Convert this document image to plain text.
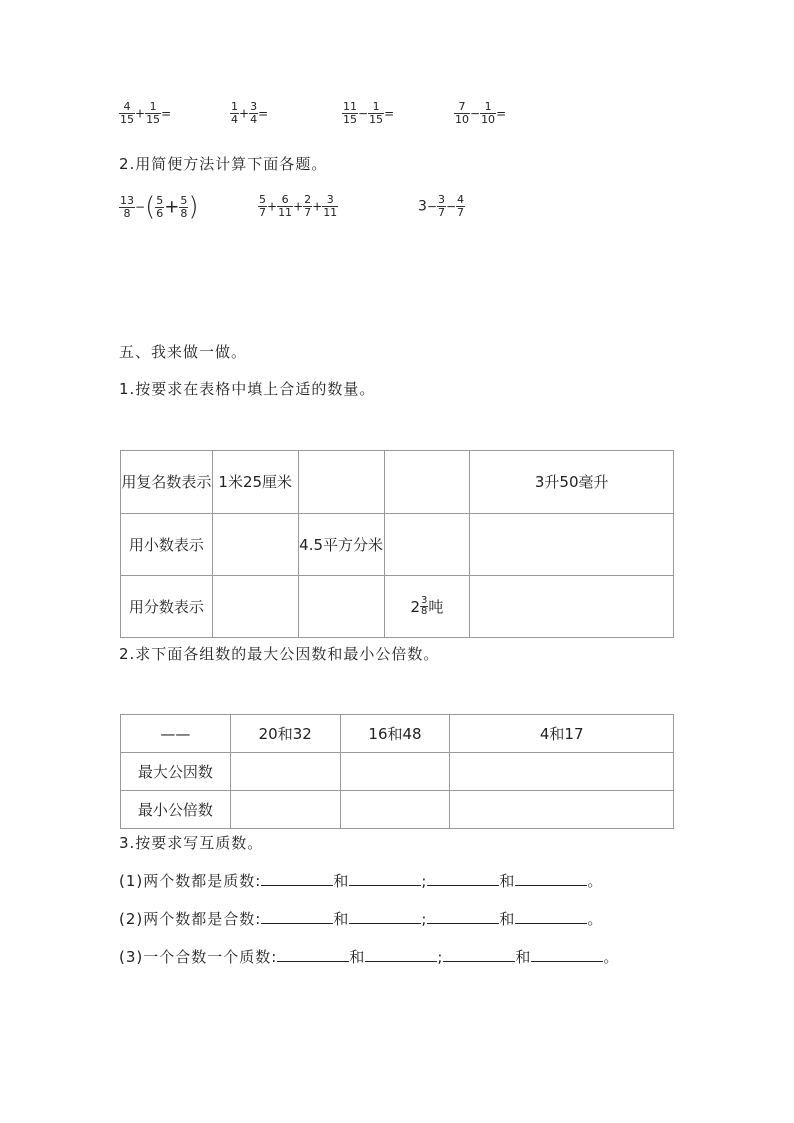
$\frac{4}{15} + \frac{1}{15}$ =	$\frac{1}{4} + \frac{3}{4}$ =	$\frac{11}{15} - \frac{1}{15}$ =	$\frac{7}{10} - \frac{1}{10}$ =
2.用简便方法计算下面各题。
$\frac{13}{8}$ −( $\frac{5}{6} + \frac{5}{8}$ )	$\frac{5}{7} + \frac{6}{11} + \frac{2}{7} + \frac{3}{11}$	$3- \frac{3}{7} - \frac{4}{7}$
五、我来做一做。
1.按要求在表格中填上合适的数量。
用复名数表示	1米25厘米			3升50毫升

用小数表示		4.5平方分米		

用分数表示			$2 \frac{3}{8}$ 吨	

2.求下面各组数的最大公因数和最小公倍数。
——	20和32	16和48	4和17

最大公因数			

最小公倍数			

3.按要求写互质数。
(1)两个数都是质数:	和	;	和	。
(2)两个数都是合数:	和	;	和	。
(3)一个合数一个质数:	和	;	和	。
